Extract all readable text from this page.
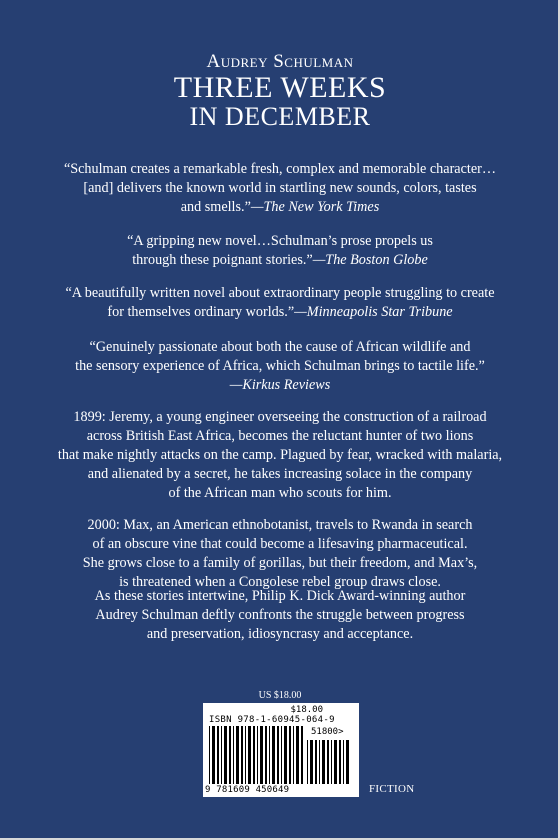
Audrey Schulman
THREE WEEKS
IN DECEMBER
“Schulman creates a remarkable fresh, complex and memorable character…
[and] delivers the known world in startling new sounds, colors, tastes
and smells.”—The New York Times
“A gripping new novel…Schulman’s prose propels us
through these poignant stories.”—The Boston Globe
“A beautifully written novel about extraordinary people struggling to create
for themselves ordinary worlds.”—Minneapolis Star Tribune
“Genuinely passionate about both the cause of African wildlife and
the sensory experience of Africa, which Schulman brings to tactile life.”
—Kirkus Reviews
1899: Jeremy, a young engineer overseeing the construction of a railroad
across British East Africa, becomes the reluctant hunter of two lions
that make nightly attacks on the camp. Plagued by fear, wracked with malaria,
and alienated by a secret, he takes increasing solace in the company
of the African man who scouts for him.
2000: Max, an American ethnobotanist, travels to Rwanda in search
of an obscure vine that could become a lifesaving pharmaceutical.
She grows close to a family of gorillas, but their freedom, and Max’s,
is threatened when a Congolese rebel group draws close.
As these stories intertwine, Philip K. Dick Award-winning author
Audrey Schulman deftly confronts the struggle between progress
and preservation, idiosyncrasy and acceptance.
US $18.00
$18.00
ISBN 978-1-60945-064-9
51800>
9 781609 450649	FICTION
